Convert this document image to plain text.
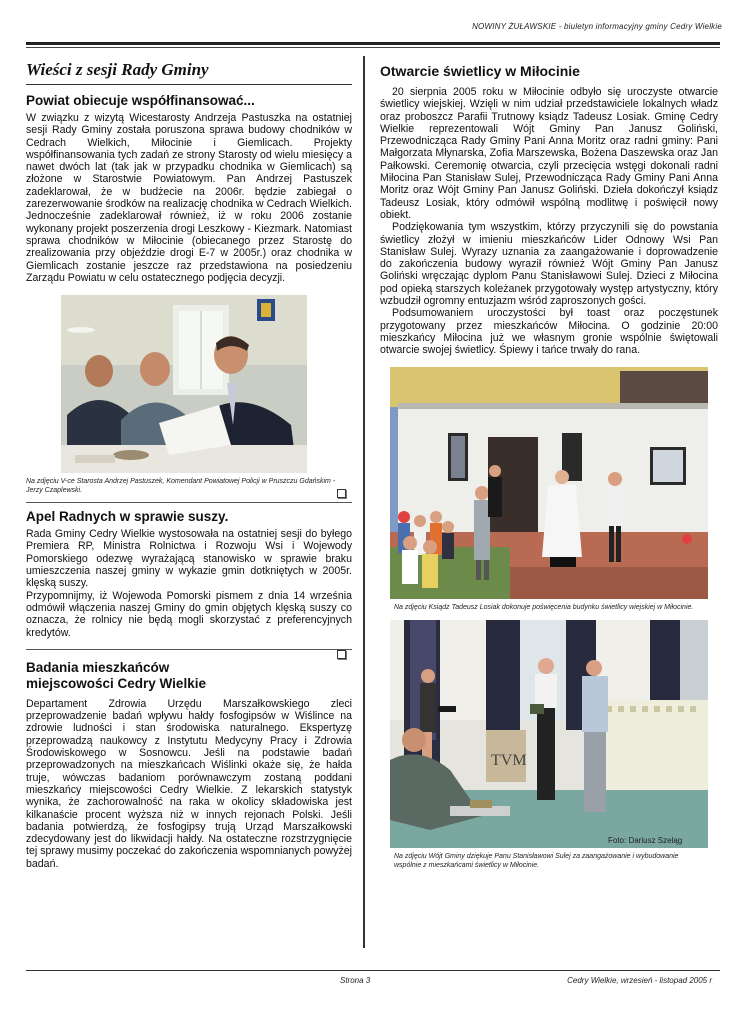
NOWINY ŻUŁAWSKIE - biuletyn informacyjny gminy Cedry Wielkie
Wieści z sesji Rady Gminy
Powiat obiecuje współfinansować...

W związku z wizytą Wicestarosty Andrzeja Pastuszka na ostatniej sesji Rady Gminy została poruszona sprawa budowy chodników w Cedrach Wielkich, Miłocinie i Giemlicach. Projekty współfinansowania tych zadań ze strony Starosty od wielu miesięcy a nawet dwóch lat (tak jak w przypadku chodnika w Giemlicach) są złożone w Starostwie Powiatowym. Pan Andrzej Pastuszek zadeklarował, że w budżecie na 2006r. będzie zabiegał o zarezerwowanie środków na realizację chodnika w Cedrach Wielkich. Jednocześnie zadeklarował również, iż w roku 2006 zostanie wykonany projekt poszerzenia drogi Leszkowy - Kiezmark. Natomiast sprawa chodników w Miłocinie (obiecanego przez Starostę do zrealizowania przy objeździe drogi E-7 w 2005r.) oraz chodnika w Giemlicach zostanie jeszcze raz przedstawiona na posiedzeniu Zarządu Powiatu w celu ostatecznego podjęcia decyzji.

Na zdjęciu V-ce Starosta Andrzej Pastuszek, Komendant Powiatowej Policji w Pruszczu Gdańskim - Jerzy Czaplewski.
Apel Radnych w sprawie suszy.

Rada Gminy Cedry Wielkie wystosowała na ostatniej sesji do byłego Premiera RP, Ministra Rolnictwa i Rozwoju Wsi i Wojewody Pomorskiego odezwę wyrażającą stanowisko w sprawie braku umieszczenia naszej gminy w wykazie gmin dotkniętych w 2005r. klęską suszy.
Przypomnijmy, iż Wojewoda Pomorski pismem z dnia 14 września odmówił włączenia naszej Gminy do gmin objętych klęską suszy co oznacza, że rolnicy nie będą mogli skorzystać z preferencyjnych kredytów.

Badania mieszkańców
miejscowości Cedry Wielkie

Departament Zdrowia Urzędu Marszałkowskiego zleci przeprowadzenie badań wpływu hałdy fosfogipsów w Wiślince na zdrowie ludności i stan środowiska naturalnego. Ekspertyzę przeprowadzą naukowcy z Instytutu Medycyny Pracy i Zdrowia Środowiskowego w Sosnowcu. Jeśli na podstawie badań przeprowadzonych na mieszkańcach Wiślinki okaże się, że hałda truje, wówczas badaniom porównawczym zostaną poddani mieszkańcy miejscowości Cedry Wielkie. Z lekarskich statystyk wynika, że zachorowalność na raka w okolicy składowiska jest kilkanaście procent wyższa niż w innych rejonach Polski. Jeśli badania potwierdzą, że fosfogipsy trują Urząd Marszałkowski zdecydowany jest do likwidacji hałdy. Na ostateczne rozstrzygnięcie tej sprawy musimy poczekać do zakończenia wspomnianych powyżej badań.

Otwarcie świetlicy w Miłocinie

20 sierpnia 2005 roku w Miłocinie odbyło się uroczyste otwarcie świetlicy wiejskiej. Wzięli w nim udział przedstawiciele lokalnych władz oraz proboszcz Parafii Trutnowy ksiądz Tadeusz Losiak. Gminę Cedry Wielkie reprezentowali Wójt Gminy Pan Janusz Goliński, Przewodnicząca Rady Gminy Pani Anna Moritz oraz radni gminy: Pani Małgorzata Młynarska, Zofia Marszewska, Bożena Daszewska oraz Jan Pałkowski. Ceremonię otwarcia, czyli przecięcia wstęgi dokonali radni Miłocina Pan Stanisław Sulej, Przewodnicząca Rady Gminy Pani Anna Moritz oraz Wójt Gminy Pan Janusz Goliński. Dzieła dokończył ksiądz Tadeusz Losiak, który odmówił wspólną modlitwę i poświęcił nowy obiekt.

Podziękowania tym wszystkim, którzy przyczynili się do powstania świetlicy złożył w imieniu mieszkańców Lider Odnowy Wsi Pan Stanisław Sulej. Wyrazy uznania za zaangażowanie i doprowadzenie do zakończenia budowy wyraził również Wójt Gminy Pan Janusz Goliński wręczając dyplom Panu Stanisławowi Sulej. Dzieci z Miłocina pod opieką starszych koleżanek przygotowały występ artystyczny, który wzbudził ogromny entuzjazm wśród zaproszonych gości.

Podsumowaniem uroczystości był toast oraz poczęstunek przygotowany przez mieszkańców Miłocina. O godzinie 20:00 mieszkańcy Miłocina już we własnym gronie wspólnie świętowali otwarcie swojej świetlicy. Śpiewy i tańce trwały do rana.

Na zdjęciu Ksiądz Tadeusz Losiak dokonuje poświęcenia budynku świetlicy wiejskiej w Miłocinie.
TVM
Foto: Dariusz Szeląg
Na zdjęciu Wójt Gminy dziękuje Panu Stanisławowi Sulej za zaangażowanie i wybudowanie wspólnie z mieszkańcami świetlicy w Miłocinie.
Strona 3	Cedry Wielkie, wrzesień - listopad 2005 r
